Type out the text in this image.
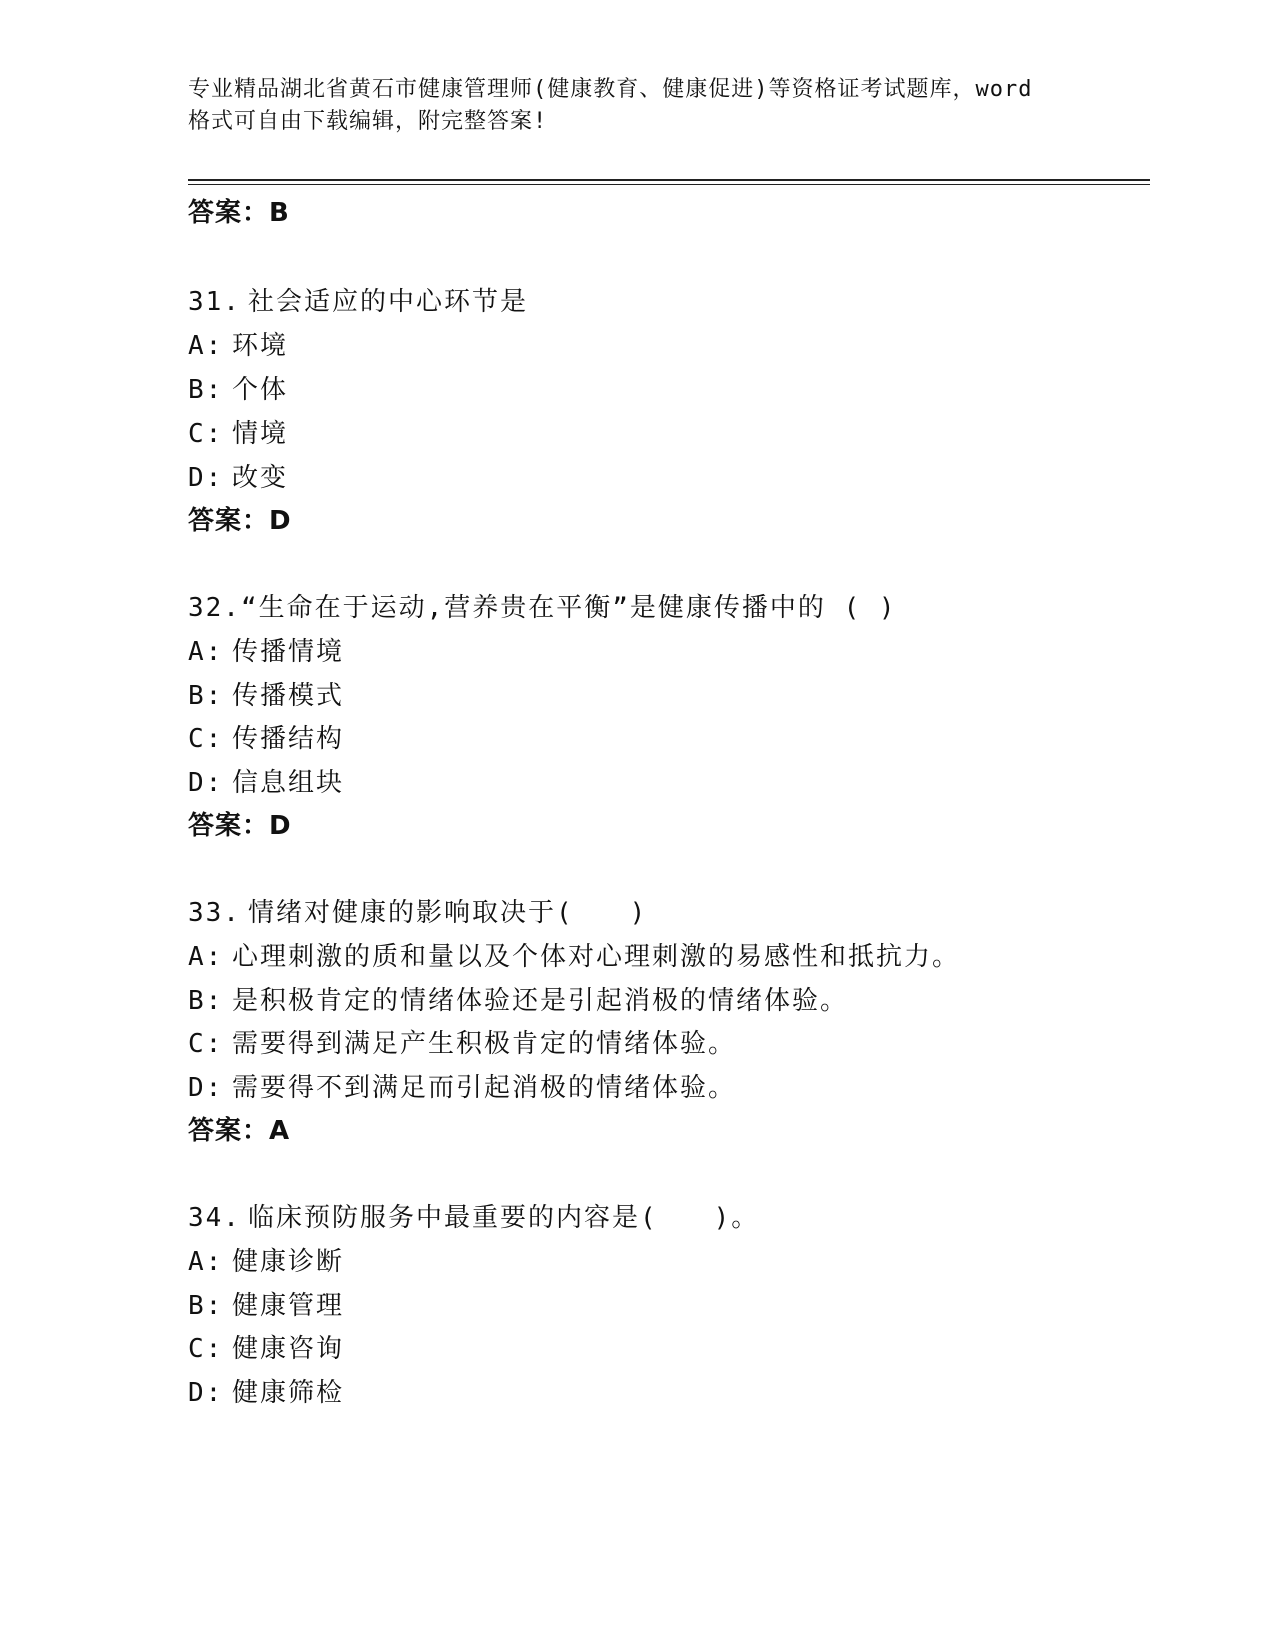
专业精品湖北省黄石市健康管理师(健康教育、健康促进)等资格证考试题库，word
格式可自由下载编辑，附完整答案!
答案：B
31. 社会适应的中心环节是
A: 环境
B: 个体
C: 情境
D: 改变
答案：D
32.“生命在于运动,营养贵在平衡”是健康传播中的 ( )
A: 传播情境
B: 传播模式
C: 传播结构
D: 信息组块
答案：D
33. 情绪对健康的影响取决于(　　)
A: 心理刺激的质和量以及个体对心理刺激的易感性和抵抗力。
B: 是积极肯定的情绪体验还是引起消极的情绪体验。
C: 需要得到满足产生积极肯定的情绪体验。
D: 需要得不到满足而引起消极的情绪体验。
答案：A
34. 临床预防服务中最重要的内容是(　　)。
A: 健康诊断
B: 健康管理
C: 健康咨询
D: 健康筛检
